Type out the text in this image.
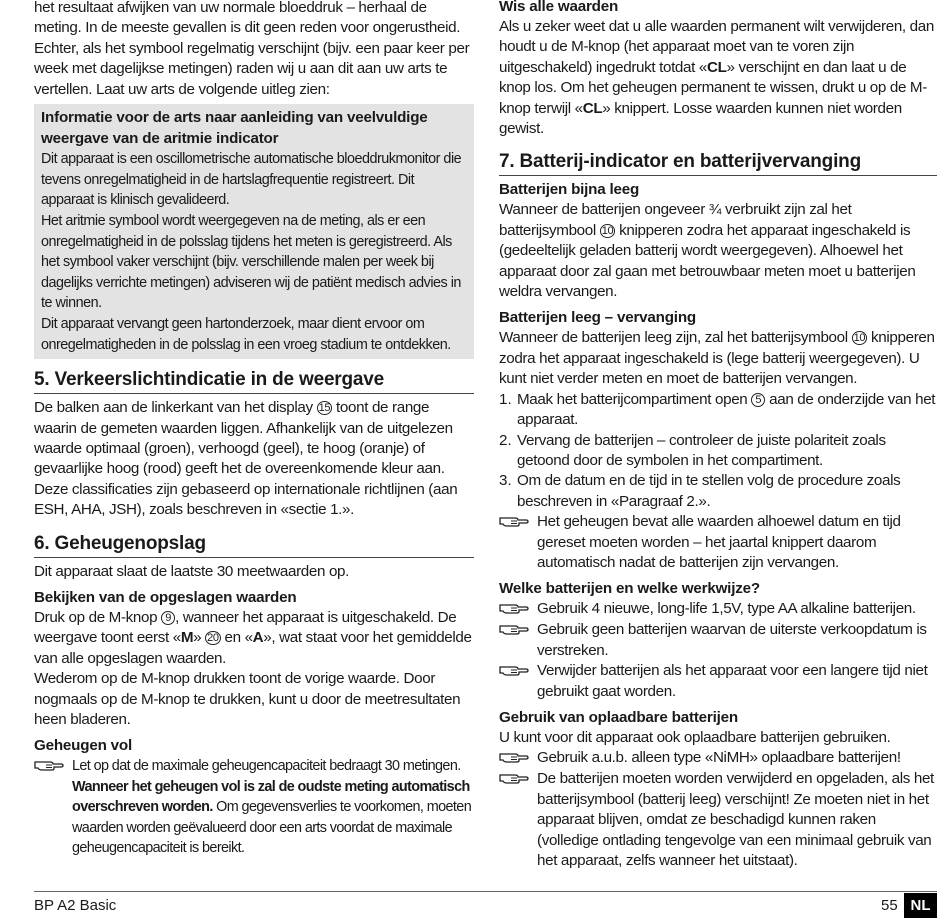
het resultaat afwijken van uw normale bloeddruk – herhaal de meting. In de meeste gevallen is dit geen reden voor ongerustheid. Echter, als het symbool regelmatig verschijnt (bijv. een paar keer per week met dagelijkse metingen) raden wij u aan dit aan uw arts te vertellen. Laat uw arts de volgende uitleg zien:

Informatie voor de arts naar aanleiding van veelvuldige weergave van de aritmie indicator

Dit apparaat is een oscillometrische automatische bloeddrukmonitor die tevens onregelmatigheid in de hartslagfrequentie registreert. Dit apparaat is klinisch gevalideerd.

Het aritmie symbool wordt weergegeven na de meting, als er een onregelmatigheid in de polsslag tijdens het meten is geregistreerd. Als het symbool vaker verschijnt (bijv. verschillende malen per week bij dagelijks verrichte metingen) adviseren wij de patiënt medisch advies in te winnen.

Dit apparaat vervangt geen hartonderzoek, maar dient ervoor om onregelmatigheden in de polsslag in een vroeg stadium te ontdekken.

5. Verkeerslichtindicatie in de weergave

De balken aan de linkerkant van het display 15 toont de range waarin de gemeten waarden liggen. Afhankelijk van de uitgelezen waarde optimaal (groen), verhoogd (geel), te hoog (oranje) of gevaarlijke hoog (rood) geeft het de overeenkomende kleur aan. Deze classificaties zijn gebaseerd op internationale richtlijnen (aan ESH, AHA, JSH), zoals beschreven in «sectie 1.».

6. Geheugenopslag

Dit apparaat slaat de laatste 30 meetwaarden op.

Bekijken van de opgeslagen waarden

Druk op de M-knop 9 , wanneer het apparaat is uitgeschakeld. De weergave toont eerst «M» 20 en «A», wat staat voor het gemiddelde van alle opgeslagen waarden.

Wederom op de M-knop drukken toont de vorige waarde. Door nogmaals op de M-knop te drukken, kunt u door de meetresultaten heen bladeren.

Geheugen vol

Let op dat de maximale geheugencapaciteit bedraagt 30 metingen. Wanneer het geheugen vol is zal de oudste meting automatisch overschreven worden. Om gegevensverlies te voorkomen, moeten waarden worden geëvalueerd door een arts voordat de maximale geheugencapaciteit is bereikt.

Wis alle waarden

Als u zeker weet dat u alle waarden permanent wilt verwijderen, dan houdt u de M-knop (het apparaat moet van te voren zijn uitgeschakeld) ingedrukt totdat «CL» verschijnt en dan laat u de knop los. Om het geheugen permanent te wissen, drukt u op de M-knop terwijl «CL» knippert. Losse waarden kunnen niet worden gewist.

7. Batterij-indicator en batterijvervanging
Batterijen bijna leeg

Wanneer de batterijen ongeveer ¾ verbruikt zijn zal het batterijsymbool 10 knipperen zodra het apparaat ingeschakeld is (gedeeltelijk geladen batterij wordt weergegeven). Alhoewel het apparaat door zal gaan met betrouwbaar meten moet u batterijen weldra vervangen.

Batterijen leeg – vervanging

Wanneer de batterijen leeg zijn, zal het batterijsymbool 10 knipperen zodra het apparaat ingeschakeld is (lege batterij weergegeven). U kunt niet verder meten en moet de batterijen vervangen.

1. Maak het batterijcompartiment open 5 aan de onderzijde van het apparaat.

2. Vervang de batterijen – controleer de juiste polariteit zoals getoond door de symbolen in het compartiment.

3. Om de datum en de tijd in te stellen volg de procedure zoals beschreven in «Paragraaf 2.».

Het geheugen bevat alle waarden alhoewel datum en tijd gereset moeten worden – het jaartal knippert daarom automatisch nadat de batterijen zijn vervangen.

Welke batterijen en welke werkwijze?

Gebruik 4 nieuwe, long-life 1,5V, type AA alkaline batterijen.

Gebruik geen batterijen waarvan de uiterste verkoopdatum is verstreken.

Verwijder batterijen als het apparaat voor een langere tijd niet gebruikt gaat worden.

Gebruik van oplaadbare batterijen

U kunt voor dit apparaat ook oplaadbare batterijen gebruiken.

Gebruik a.u.b. alleen type «NiMH» oplaadbare batterijen!

De batterijen moeten worden verwijderd en opgeladen, als het batterijsymbool (batterij leeg) verschijnt! Ze moeten niet in het apparaat blijven, omdat ze beschadigd kunnen raken (volledige ontlading tengevolge van een minimaal gebruik van het apparaat, zelfs wanneer het uitstaat).

BP A2 Basic	55 NL
